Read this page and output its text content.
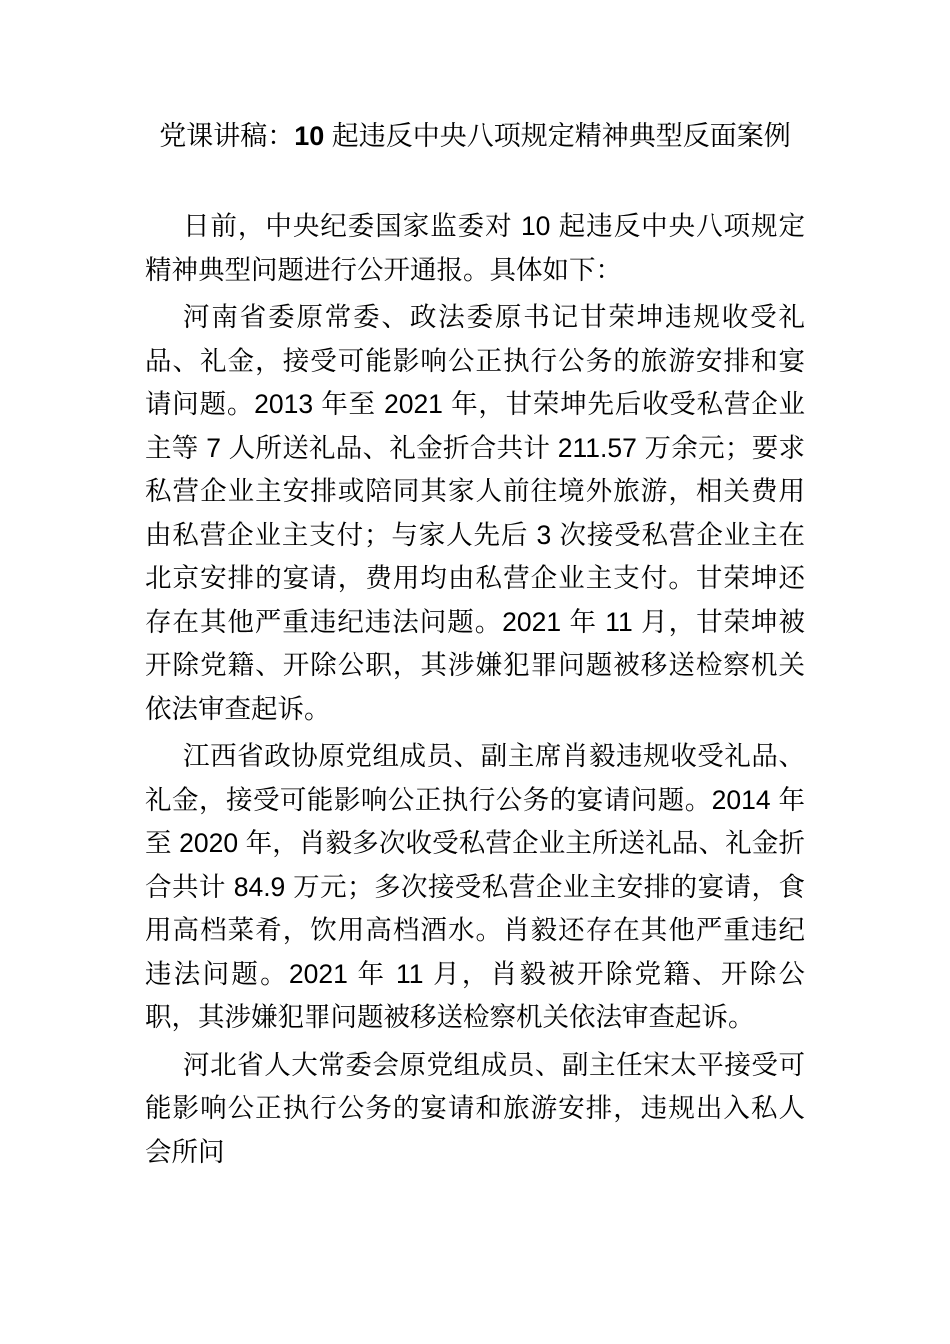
党课讲稿：10 起违反中央八项规定精神典型反面案例

日前，中央纪委国家监委对 10 起违反中央八项规定精神典型问题进行公开通报。具体如下：

河南省委原常委、政法委原书记甘荣坤违规收受礼品、礼金，接受可能影响公正执行公务的旅游安排和宴请问题。2013 年至 2021 年，甘荣坤先后收受私营企业主等 7 人所送礼品、礼金折合共计 211.57 万余元；要求私营企业主安排或陪同其家人前往境外旅游，相关费用由私营企业主支付；与家人先后 3 次接受私营企业主在北京安排的宴请，费用均由私营企业主支付。甘荣坤还存在其他严重违纪违法问题。2021 年 11 月，甘荣坤被开除党籍、开除公职，其涉嫌犯罪问题被移送检察机关依法审查起诉。

江西省政协原党组成员、副主席肖毅违规收受礼品、礼金，接受可能影响公正执行公务的宴请问题。2014 年至 2020 年，肖毅多次收受私营企业主所送礼品、礼金折合共计 84.9 万元；多次接受私营企业主安排的宴请，食用高档菜肴，饮用高档酒水。肖毅还存在其他严重违纪违法问题。2021 年 11 月，肖毅被开除党籍、开除公职，其涉嫌犯罪问题被移送检察机关依法审查起诉。

河北省人大常委会原党组成员、副主任宋太平接受可能影响公正执行公务的宴请和旅游安排，违规出入私人会所问
